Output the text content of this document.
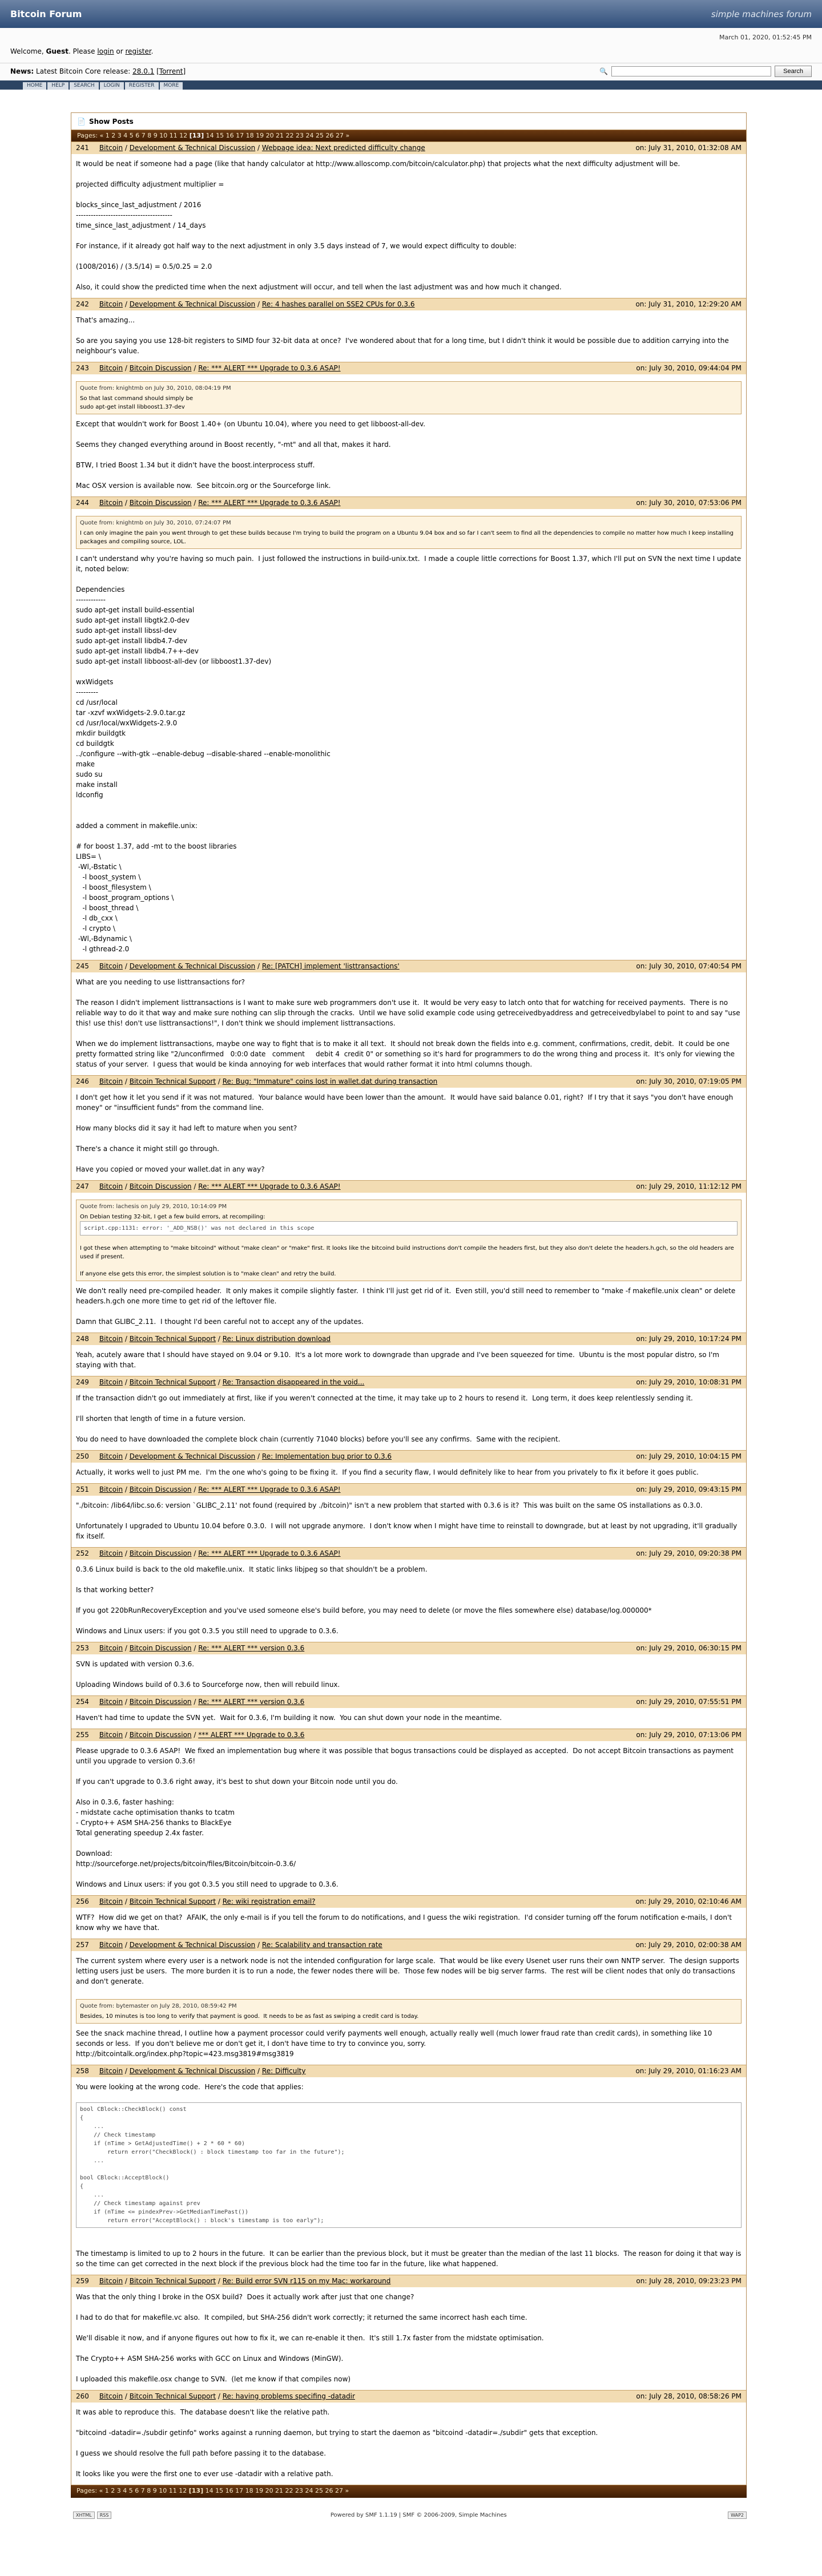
Bitcoin Forum	simple machines forum
Welcome, Guest. Please login or register.
March 01, 2020, 01:52:45 PM
News: Latest Bitcoin Core release: 28.0.1 [Torrent]	🔍	Search
HOME	HELP	SEARCH	LOGIN	REGISTER	MORE
📄 Show Posts
Pages: « 1 2 3 4 5 6 7 8 9 10 11 12 [13] 14 15 16 17 18 19 20 21 22 23 24 25 26 27 »
241 Bitcoin / Development & Technical Discussion / Webpage idea: Next predicted difficulty change	on: July 31, 2010, 01:32:08 AM
It would be neat if someone had a page (like that handy calculator at http://www.alloscomp.com/bitcoin/calculator.php) that projects what the next difficulty adjustment will be.

projected difficulty adjustment multiplier =

blocks_since_last_adjustment / 2016
---------------------------------------
time_since_last_adjustment / 14_days

For instance, if it already got half way to the next adjustment in only 3.5 days instead of 7, we would expect difficulty to double:

(1008/2016) / (3.5/14) = 0.5/0.25 = 2.0

Also, it could show the predicted time when the next adjustment will occur, and tell when the last adjustment was and how much it changed.
242 Bitcoin / Development & Technical Discussion / Re: 4 hashes parallel on SSE2 CPUs for 0.3.6	on: July 31, 2010, 12:29:20 AM
That's amazing...

So are you saying you use 128-bit registers to SIMD four 32-bit data at once?  I've wondered about that for a long time, but I didn't think it would be possible due to addition carrying into the neighbour's value.
243 Bitcoin / Bitcoin Discussion / Re: *** ALERT *** Upgrade to 0.3.6 ASAP!	on: July 30, 2010, 09:44:04 PM
Quote from: knightmb on July 30, 2010, 08:04:19 PM
So that last command should simply be
sudo apt-get install libboost1.37-dev
Except that wouldn't work for Boost 1.40+ (on Ubuntu 10.04), where you need to get libboost-all-dev.

Seems they changed everything around in Boost recently, "-mt" and all that, makes it hard.

BTW, I tried Boost 1.34 but it didn't have the boost.interprocess stuff.

Mac OSX version is available now.  See bitcoin.org or the Sourceforge link.
244 Bitcoin / Bitcoin Discussion / Re: *** ALERT *** Upgrade to 0.3.6 ASAP!	on: July 30, 2010, 07:53:06 PM
Quote from: knightmb on July 30, 2010, 07:24:07 PM
I can only imagine the pain you went through to get these builds because I'm trying to build the program on a Ubuntu 9.04 box and so far I can't seem to find all the dependencies to compile no matter how much I keep installing packages and compiling source, LOL.
I can't understand why you're having so much pain.  I just followed the instructions in build-unix.txt.  I made a couple little corrections for Boost 1.37, which I'll put on SVN the next time I update it, noted below:

Dependencies
------------
sudo apt-get install build-essential
sudo apt-get install libgtk2.0-dev
sudo apt-get install libssl-dev
sudo apt-get install libdb4.7-dev
sudo apt-get install libdb4.7++-dev
sudo apt-get install libboost-all-dev (or libboost1.37-dev)

wxWidgets
---------
cd /usr/local
tar -xzvf wxWidgets-2.9.0.tar.gz
cd /usr/local/wxWidgets-2.9.0
mkdir buildgtk
cd buildgtk
../configure --with-gtk --enable-debug --disable-shared --enable-monolithic
make
sudo su
make install
ldconfig

added a comment in makefile.unix:

# for boost 1.37, add -mt to the boost libraries
LIBS= \
-Wl,-Bstatic \
-l boost_system \
-l boost_filesystem \
-l boost_program_options \
-l boost_thread \
-l db_cxx \
-l crypto \
-Wl,-Bdynamic \
-l gthread-2.0
245 Bitcoin / Development & Technical Discussion / Re: [PATCH] implement 'listtransactions'	on: July 30, 2010, 07:40:54 PM
What are you needing to use listtransactions for?

The reason I didn't implement listtransactions is I want to make sure web programmers don't use it.  It would be very easy to latch onto that for watching for received payments.  There is no reliable way to do it that way and make sure nothing can slip through the cracks.  Until we have solid example code using getreceivedbyaddress and getreceivedbylabel to point to and say "use this! use this! don't use listtransactions!", I don't think we should implement listtransactions.

When we do implement listtransactions, maybe one way to fight that is to make it all text.  It should not break down the fields into e.g. comment, confirmations, credit, debit.  It could be one pretty formatted string like "2/unconfirmed   0:0:0 date   comment     debit 4  credit 0" or something so it's hard for programmers to do the wrong thing and process it.  It's only for viewing the status of your server.  I guess that would be kinda annoying for web interfaces that would rather format it into html columns though.
246 Bitcoin / Bitcoin Technical Support / Re: Bug: "Immature" coins lost in wallet.dat during transaction	on: July 30, 2010, 07:19:05 PM
I don't get how it let you send if it was not matured.  Your balance would have been lower than the amount.  It would have said balance 0.01, right?  If I try that it says "you don't have enough money" or "insufficient funds" from the command line.

How many blocks did it say it had left to mature when you sent?

There's a chance it might still go through.

Have you copied or moved your wallet.dat in any way?
247 Bitcoin / Bitcoin Discussion / Re: *** ALERT *** Upgrade to 0.3.6 ASAP!	on: July 29, 2010, 11:12:12 PM
Quote from: lachesis on July 29, 2010, 10:14:09 PM
On Debian testing 32-bit, I get a few build errors, at recompiling:

script.cpp:1131: error: '_ADD_NSB()' was not declared in this scope

I got these when attempting to "make bitcoind" without "make clean" or "make" first. It looks like the bitcoind build instructions don't compile the headers first, but they also don't delete the headers.h.gch, so the old headers are used if present.

If anyone else gets this error, the simplest solution is to "make clean" and retry the build.
We don't really need pre-compiled header.  It only makes it compile slightly faster.  I think I'll just get rid of it.  Even still, you'd still need to remember to "make -f makefile.unix clean" or delete headers.h.gch one more time to get rid of the leftover file.

Damn that GLIBC_2.11.  I thought I'd been careful not to accept any of the updates.
248 Bitcoin / Bitcoin Technical Support / Re: Linux distribution download	on: July 29, 2010, 10:17:24 PM
Yeah, acutely aware that I should have stayed on 9.04 or 9.10.  It's a lot more work to downgrade than upgrade and I've been squeezed for time.  Ubuntu is the most popular distro, so I'm staying with that.
249 Bitcoin / Bitcoin Technical Support / Re: Transaction disappeared in the void...	on: July 29, 2010, 10:08:31 PM
If the transaction didn't go out immediately at first, like if you weren't connected at the time, it may take up to 2 hours to resend it.  Long term, it does keep relentlessly sending it.

I'll shorten that length of time in a future version.

You do need to have downloaded the complete block chain (currently 71040 blocks) before you'll see any confirms.  Same with the recipient.
250 Bitcoin / Development & Technical Discussion / Re: Implementation bug prior to 0.3.6	on: July 29, 2010, 10:04:15 PM
Actually, it works well to just PM me.  I'm the one who's going to be fixing it.  If you find a security flaw, I would definitely like to hear from you privately to fix it before it goes public.
251 Bitcoin / Bitcoin Discussion / Re: *** ALERT *** Upgrade to 0.3.6 ASAP!	on: July 29, 2010, 09:43:15 PM
"./bitcoin: /lib64/libc.so.6: version `GLIBC_2.11' not found (required by ./bitcoin)" isn't a new problem that started with 0.3.6 is it?  This was built on the same OS installations as 0.3.0.

Unfortunately I upgraded to Ubuntu 10.04 before 0.3.0.  I will not upgrade anymore.  I don't know when I might have time to reinstall to downgrade, but at least by not upgrading, it'll gradually fix itself.
252 Bitcoin / Bitcoin Discussion / Re: *** ALERT *** Upgrade to 0.3.6 ASAP!	on: July 29, 2010, 09:20:38 PM
0.3.6 Linux build is back to the old makefile.unix.  It static links libjpeg so that shouldn't be a problem.

Is that working better?

If you got 220bRunRecoveryException and you've used someone else's build before, you may need to delete (or move the files somewhere else) database/log.000000*

Windows and Linux users: if you got 0.3.5 you still need to upgrade to 0.3.6.
253 Bitcoin / Bitcoin Discussion / Re: *** ALERT *** version 0.3.6	on: July 29, 2010, 06:30:15 PM
SVN is updated with version 0.3.6.

Uploading Windows build of 0.3.6 to Sourceforge now, then will rebuild linux.
254 Bitcoin / Bitcoin Discussion / Re: *** ALERT *** version 0.3.6	on: July 29, 2010, 07:55:51 PM
Haven't had time to update the SVN yet.  Wait for 0.3.6, I'm building it now.  You can shut down your node in the meantime.
255 Bitcoin / Bitcoin Discussion / *** ALERT *** Upgrade to 0.3.6	on: July 29, 2010, 07:13:06 PM
Please upgrade to 0.3.6 ASAP!  We fixed an implementation bug where it was possible that bogus transactions could be displayed as accepted.  Do not accept Bitcoin transactions as payment until you upgrade to version 0.3.6!

If you can't upgrade to 0.3.6 right away, it's best to shut down your Bitcoin node until you do.

Also in 0.3.6, faster hashing:
- midstate cache optimisation thanks to tcatm
- Crypto++ ASM SHA-256 thanks to BlackEye
Total generating speedup 2.4x faster.

Download:
http://sourceforge.net/projects/bitcoin/files/Bitcoin/bitcoin-0.3.6/

Windows and Linux users: if you got 0.3.5 you still need to upgrade to 0.3.6.
256 Bitcoin / Bitcoin Technical Support / Re: wiki registration email?	on: July 29, 2010, 02:10:46 AM
WTF?  How did we get on that?  AFAIK, the only e-mail is if you tell the forum to do notifications, and I guess the wiki registration.  I'd consider turning off the forum notification e-mails, I don't know why we have that.
257 Bitcoin / Development & Technical Discussion / Re: Scalability and transaction rate	on: July 29, 2010, 02:00:38 AM
The current system where every user is a network node is not the intended configuration for large scale.  That would be like every Usenet user runs their own NNTP server.  The design supports letting users just be users.  The more burden it is to run a node, the fewer nodes there will be.  Those few nodes will be big server farms.  The rest will be client nodes that only do transactions and don't generate.

Quote from: bytemaster on July 28, 2010, 08:59:42 PM
Besides, 10 minutes is too long to verify that payment is good.  It needs to be as fast as swiping a credit card is today.
See the snack machine thread, I outline how a payment processor could verify payments well enough, actually really well (much lower fraud rate than credit cards), in something like 10 seconds or less.  If you don't believe me or don't get it, I don't have time to try to convince you, sorry.
http://bitcointalk.org/index.php?topic=423.msg3819#msg3819
258 Bitcoin / Development & Technical Discussion / Re: Difficulty	on: July 29, 2010, 01:16:23 AM
You were looking at the wrong code.  Here's the code that applies:

bool CBlock::CheckBlock() const
{
...
// Check timestamp
if (nTime > GetAdjustedTime() + 2 * 60 * 60)
return error("CheckBlock() : block timestamp too far in the future");
...

bool CBlock::AcceptBlock()
{
...
// Check timestamp against prev
if (nTime <= pindexPrev->GetMedianTimePast())
return error("AcceptBlock() : block's timestamp is too early");

The timestamp is limited to up to 2 hours in the future.  It can be earlier than the previous block, but it must be greater than the median of the last 11 blocks.  The reason for doing it that way is so the time can get corrected in the next block if the previous block had the time too far in the future, like what happened.
259 Bitcoin / Bitcoin Technical Support / Re: Build error SVN r115 on my Mac: workaround	on: July 28, 2010, 09:23:23 PM
Was that the only thing I broke in the OSX build?  Does it actually work after just that one change?

I had to do that for makefile.vc also.  It compiled, but SHA-256 didn't work correctly; it returned the same incorrect hash each time.

We'll disable it now, and if anyone figures out how to fix it, we can re-enable it then.  It's still 1.7x faster from the midstate optimisation.

The Crypto++ ASM SHA-256 works with GCC on Linux and Windows (MinGW).

I uploaded this makefile.osx change to SVN.  (let me know if that compiles now)
260 Bitcoin / Bitcoin Technical Support / Re: having problems specifing -datadir	on: July 28, 2010, 08:58:26 PM
It was able to reproduce this.  The database doesn't like the relative path.

"bitcoind -datadir=./subdir getinfo" works against a running daemon, but trying to start the daemon as "bitcoind -datadir=./subdir" gets that exception.

I guess we should resolve the full path before passing it to the database.

It looks like you were the first one to ever use -datadir with a relative path.
Pages: « 1 2 3 4 5 6 7 8 9 10 11 12 [13] 14 15 16 17 18 19 20 21 22 23 24 25 26 27 »
XHTML RSS	Powered by SMF 1.1.19 | SMF © 2006-2009, Simple Machines	WAP2
